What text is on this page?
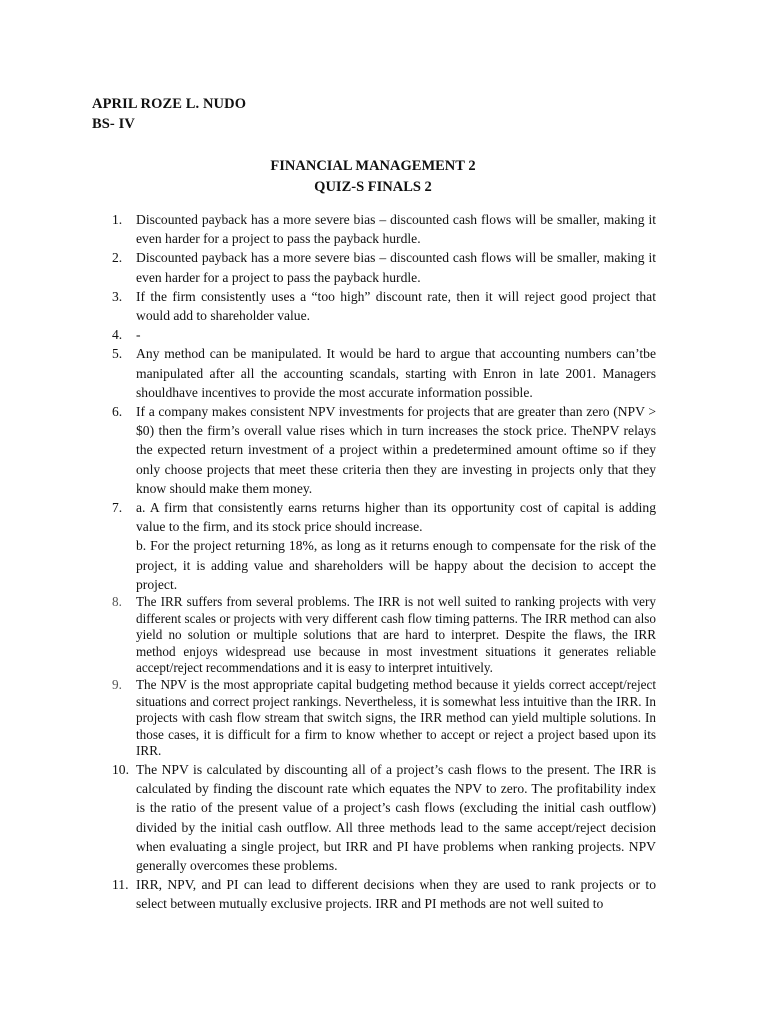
APRIL ROZE L. NUDO
BS- IV
FINANCIAL MANAGEMENT 2
QUIZ-S FINALS 2
1. Discounted payback has a more severe bias – discounted cash flows will be smaller, making it even harder for a project to pass the payback hurdle.
2. Discounted payback has a more severe bias – discounted cash flows will be smaller, making it even harder for a project to pass the payback hurdle.
3. If the firm consistently uses a “too high” discount rate, then it will reject good project that would add to shareholder value.
4. -
5. Any method can be manipulated. It would be hard to argue that accounting numbers can’tbe manipulated after all the accounting scandals, starting with Enron in late 2001. Managers shouldhave incentives to provide the most accurate information possible.
6. If a company makes consistent NPV investments for projects that are greater than zero (NPV > $0) then the firm’s overall value rises which in turn increases the stock price. TheNPV relays the expected return investment of a project within a predetermined amount oftime so if they only choose projects that meet these criteria then they are investing in projects only that they know should make them money.
7. a. A firm that consistently earns returns higher than its opportunity cost of capital is adding value to the firm, and its stock price should increase.
b. For the project returning 18%, as long as it returns enough to compensate for the risk of the project, it is adding value and shareholders will be happy about the decision to accept the project.
8. The IRR suffers from several problems. The IRR is not well suited to ranking projects with very different scales or projects with very different cash flow timing patterns. The IRR method can also yield no solution or multiple solutions that are hard to interpret. Despite the flaws, the IRR method enjoys widespread use because in most investment situations it generates reliable accept/reject recommendations and it is easy to interpret intuitively.
9. The NPV is the most appropriate capital budgeting method because it yields correct accept/reject situations and correct project rankings. Nevertheless, it is somewhat less intuitive than the IRR. In projects with cash flow stream that switch signs, the IRR method can yield multiple solutions. In those cases, it is difficult for a firm to know whether to accept or reject a project based upon its IRR.
10. The NPV is calculated by discounting all of a project’s cash flows to the present. The IRR is calculated by finding the discount rate which equates the NPV to zero. The profitability index is the ratio of the present value of a project’s cash flows (excluding the initial cash outflow) divided by the initial cash outflow. All three methods lead to the same accept/reject decision when evaluating a single project, but IRR and PI have problems when ranking projects. NPV generally overcomes these problems.
11. IRR, NPV, and PI can lead to different decisions when they are used to rank projects or to select between mutually exclusive projects. IRR and PI methods are not well suited to
